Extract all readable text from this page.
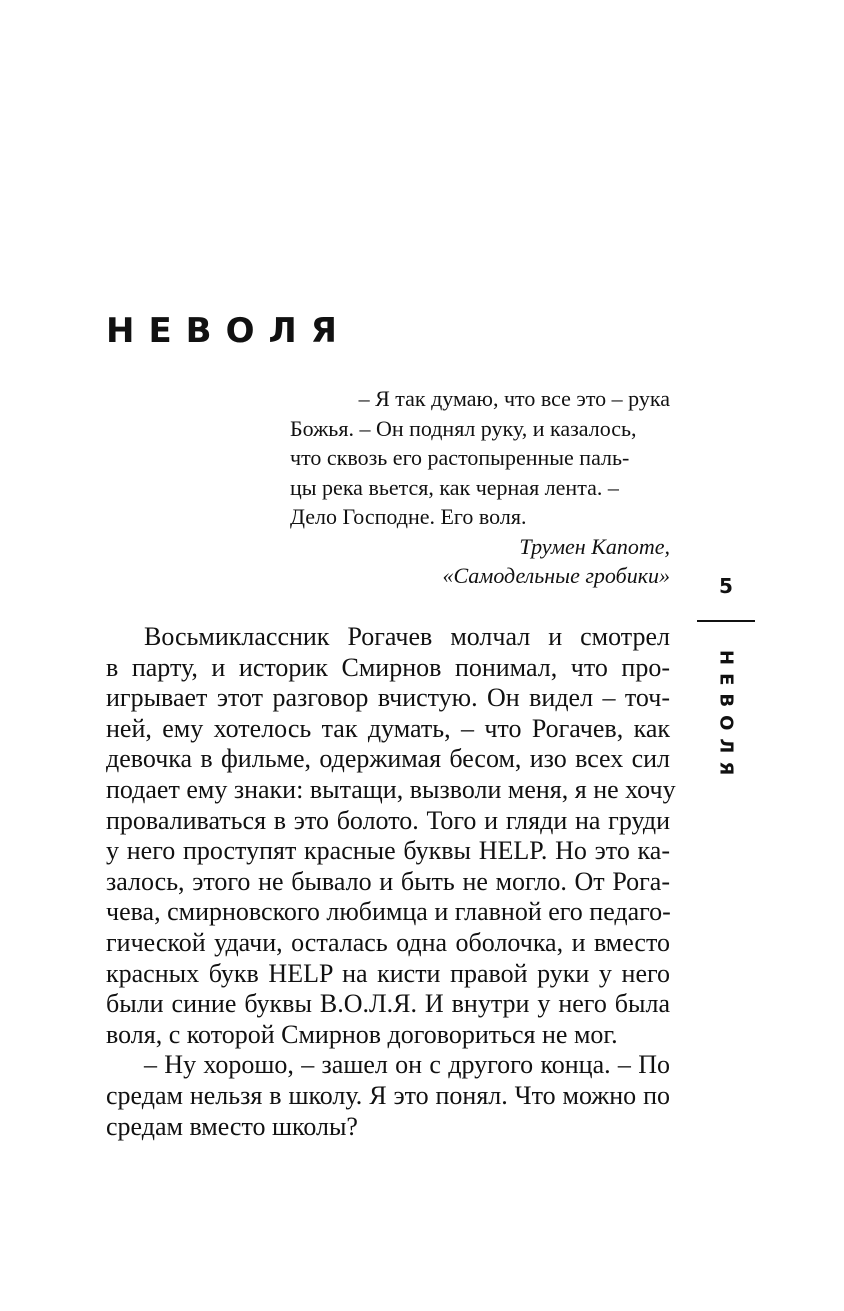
НЕВОЛЯ
– Я так думаю, что все это – рука
Божья. – Он поднял руку, и казалось,
что сквозь его растопыренные паль-
цы река вьется, как черная лента. –
Дело Господне. Его воля.
Трумен Капоте,
«Самодельные гробики»
Восьмиклассник Рогачев молчал и смотрел
в парту, и историк Смирнов понимал, что про-
игрывает этот разговор вчистую. Он видел – точ-
ней, ему хотелось так думать, – что Рогачев, как
девочка в фильме, одержимая бесом, изо всех сил
подает ему знаки: вытащи, вызволи меня, я не хочу
проваливаться в это болото. Того и гляди на груди
у него проступят красные буквы HELP. Но это ка-
залось, этого не бывало и быть не могло. От Рога-
чева, смирновского любимца и главной его педаго-
гической удачи, осталась одна оболочка, и вместо
красных букв HELP на кисти правой руки у него
были синие буквы В.О.Л.Я. И внутри у него была
воля, с которой Смирнов договориться не мог.
– Ну хорошо, – зашел он с другого конца. – По
средам нельзя в школу. Я это понял. Что можно по
средам вместо школы?
5
НЕВОЛЯ
